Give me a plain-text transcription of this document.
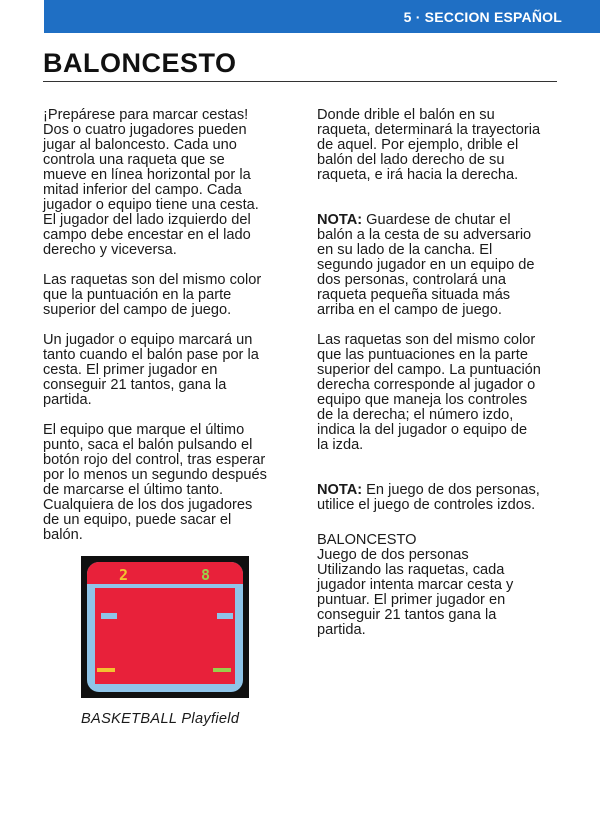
5 · SECCION ESPAÑOL
BALONCESTO

¡Prepárese para marcar cestas!
Dos o cuatro jugadores pueden
jugar al baloncesto. Cada uno
controla una raqueta que se
mueve en línea horizontal por la
mitad inferior del campo. Cada
jugador o equipo tiene una cesta.
El jugador del lado izquierdo del
campo debe encestar en el lado
derecho y viceversa.

Las raquetas son del mismo color
que la puntuación en la parte
superior del campo de juego.

Un jugador o equipo marcará un
tanto cuando el balón pase por la
cesta. El primer jugador en
conseguir 21 tantos, gana la
partida.

El equipo que marque el último
punto, saca el balón pulsando el
botón rojo del control, tras esperar
por lo menos un segundo después
de marcarse el último tanto.
Cualquiera de los dos jugadores
de un equipo, puede sacar el
balón.

Donde drible el balón en su
raqueta, determinará la trayectoria
de aquel. Por ejemplo, drible el
balón del lado derecho de su
raqueta, e irá hacia la derecha.

NOTA: Guardese de chutar el
balón a la cesta de su adversario
en su lado de la cancha. El
segundo jugador en un equipo de
dos personas, controlará una
raqueta pequeña situada más
arriba en el campo de juego.

Las raquetas son del mismo color
que las puntuaciones en la parte
superior del campo. La puntuación
derecha corresponde al jugador o
equipo que maneja los controles
de la derecha; el número izdo,
indica la del jugador o equipo de
la izda.

NOTA: En juego de dos personas,
utilice el juego de controles izdos.

BALONCESTO
Juego de dos personas

Utilizando las raquetas, cada
jugador intenta marcar cesta y
puntuar. El primer jugador en
conseguir 21 tantos gana la
partida.

2	8

BASKETBALL Playfield
